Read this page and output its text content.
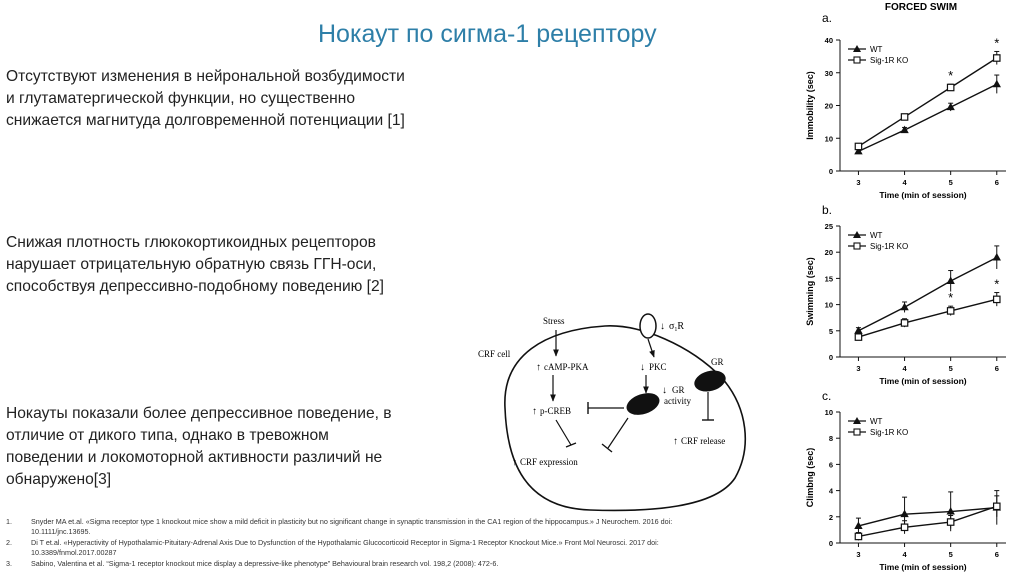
Нокаут по сигма-1 рецептору
Отсутствуют изменения в нейрональной возбудимости
и глутаматергической функции, но существенно
снижается магнитуда долговременной потенциации [1]
Снижая плотность глюкокортикоидных рецепторов
нарушает отрицательную обратную связь ГГН-оси,
способствуя депрессивно-подобному поведению [2]
Нокауты показали более депрессивное поведение, в
отличие от дикого типа, однако в тревожном
поведении и локомоторной активности различий не
обнаружено[3]
CRF cell
Stress
↑ cAMP-PKA
↑ p-CREB
↑ CRF expression
↓ $\sigma_1R$
↓ PKC
↓ GR activity
GR
↑ CRF release
1.	Snyder MA et.al. «Sigma receptor type 1 knockout mice show a mild deficit in plasticity but no significant change in synaptic transmission in the CA1 region of the hippocampus.» J Neurochem. 2016 doi:
10.1111/jnc.13695.
2.	Di T et.al. «Hyperactivity of Hypothalamic-Pituitary-Adrenal Axis Due to Dysfunction of the Hypothalamic Glucocorticoid Receptor in Sigma-1 Receptor Knockout Mice.» Front Mol Neurosci. 2017 doi:
10.3389/fnmol.2017.00287
3.	Sabino, Valentina et al. “Sigma-1 receptor knockout mice display a depressive-like phenotype” Behavioural brain research vol. 198,2 (2008): 472-6.
FORCED SWIM
a.
0
10
20
30
40
3	4	5	6
Time (min of session)
Immobility (sec)	*
*
WT
Sig-1R KO
b.
0
5
10
15
20
25
3	4	5	6
Time (min of session)
Swimming (sec)	*
*
WT
Sig-1R KO
c.
0
2
4
6
8
10
3	4	5	6
Time (min of session)
Climbng (sec)
WT
Sig-1R KO
